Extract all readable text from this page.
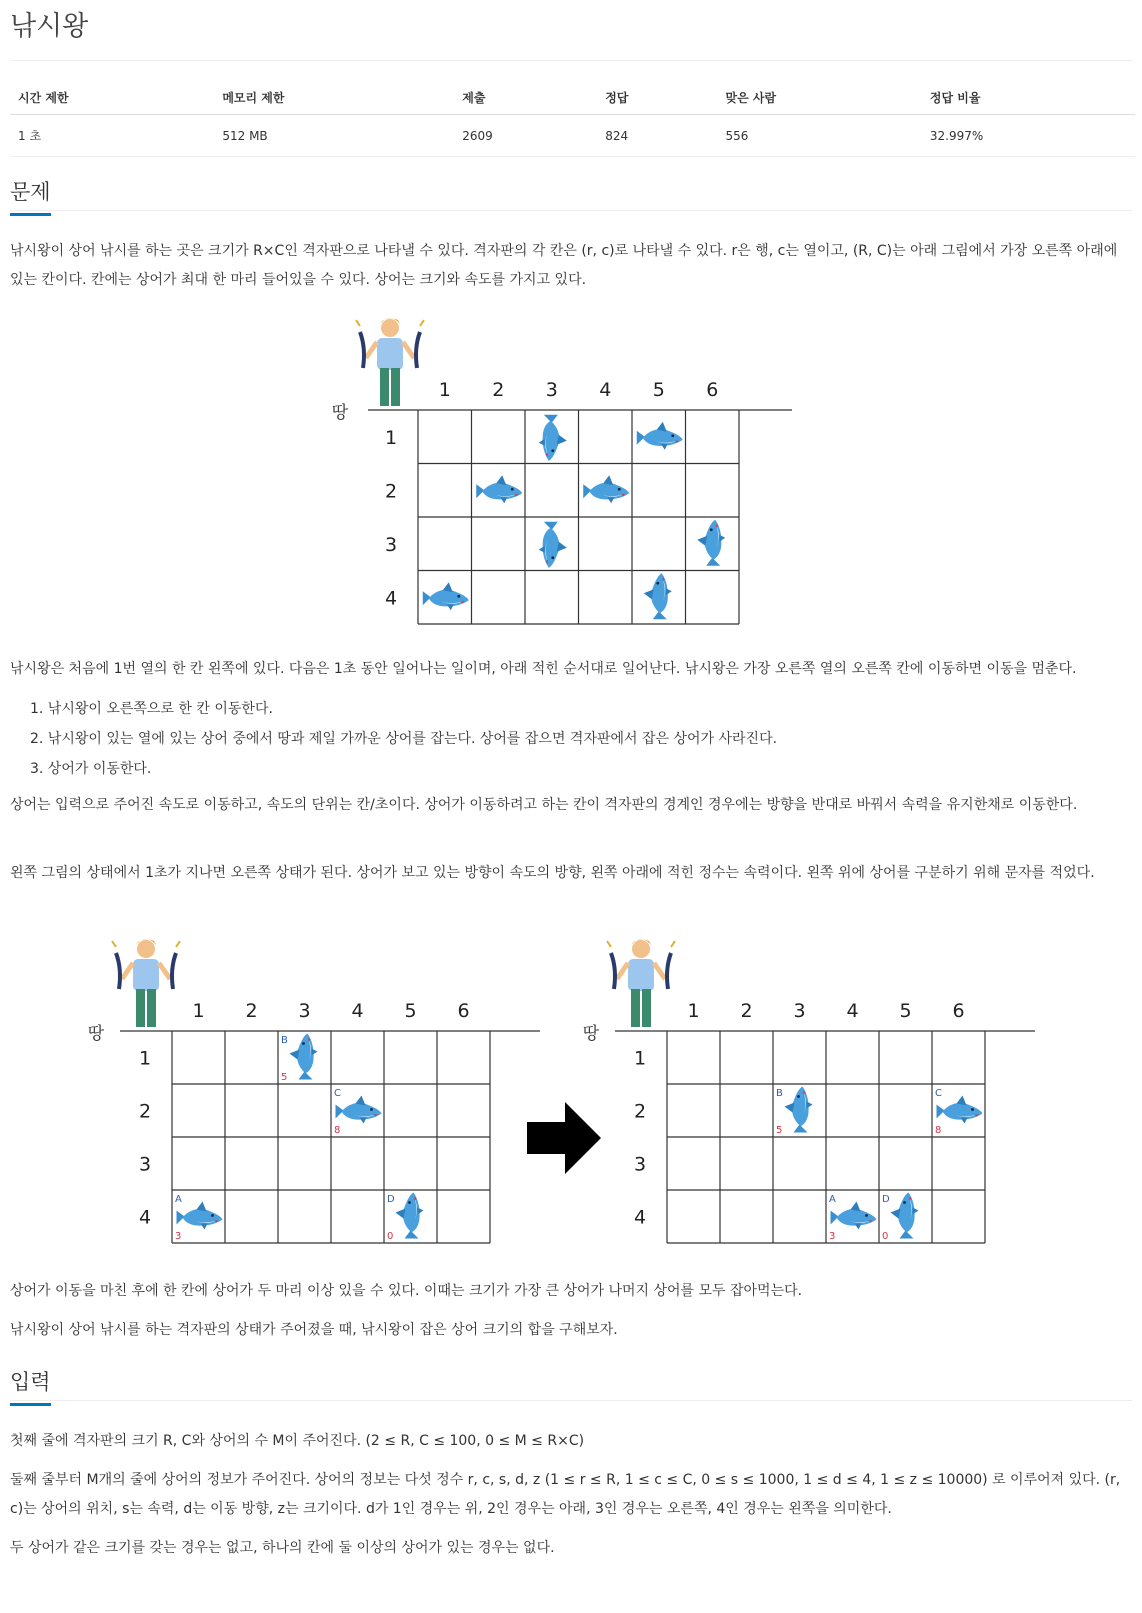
낚시왕
시간 제한	메모리 제한	제출	정답	맞은 사람	정답 비율
1 초	512 MB	2609	824	556	32.997%
문제

낚시왕이 상어 낚시를 하는 곳은 크기가 R×C인 격자판으로 나타낼 수 있다. 격자판의 각 칸은 (r, c)로 나타낼 수 있다. r은 행, c는 열이고, (R, C)는 아래 그림에서 가장 오른쪽 아래에 있는 칸이다. 칸에는 상어가 최대 한 마리 들어있을 수 있다. 상어는 크기와 속도를 가지고 있다.

땅
1 2 3 4 5 6
1
2
3
4

낚시왕은 처음에 1번 열의 한 칸 왼쪽에 있다. 다음은 1초 동안 일어나는 일이며, 아래 적힌 순서대로 일어난다. 낚시왕은 가장 오른쪽 열의 오른쪽 칸에 이동하면 이동을 멈춘다.

1. 낚시왕이 오른쪽으로 한 칸 이동한다.
2. 낚시왕이 있는 열에 있는 상어 중에서 땅과 제일 가까운 상어를 잡는다. 상어를 잡으면 격자판에서 잡은 상어가 사라진다.
3. 상어가 이동한다.

상어는 입력으로 주어진 속도로 이동하고, 속도의 단위는 칸/초이다. 상어가 이동하려고 하는 칸이 격자판의 경계인 경우에는 방향을 반대로 바꿔서 속력을 유지한채로 이동한다.

왼쪽 그림의 상태에서 1초가 지나면 오른쪽 상태가 된다. 상어가 보고 있는 방향이 속도의 방향, 왼쪽 아래에 적힌 정수는 속력이다. 왼쪽 위에 상어를 구분하기 위해 문자를 적었다.

땅
1 2 3 4 5 6
1
2
3
4
B
5
C
8
A
3
D
0
땅
1 2 3 4 5 6
1
2
3
4
B
5
C
8
A
3
D
0

상어가 이동을 마친 후에 한 칸에 상어가 두 마리 이상 있을 수 있다. 이때는 크기가 가장 큰 상어가 나머지 상어를 모두 잡아먹는다.

낚시왕이 상어 낚시를 하는 격자판의 상태가 주어졌을 때, 낚시왕이 잡은 상어 크기의 합을 구해보자.

입력

첫째 줄에 격자판의 크기 R, C와 상어의 수 M이 주어진다. (2 ≤ R, C ≤ 100, 0 ≤ M ≤ R×C)

둘째 줄부터 M개의 줄에 상어의 정보가 주어진다. 상어의 정보는 다섯 정수 r, c, s, d, z (1 ≤ r ≤ R, 1 ≤ c ≤ C, 0 ≤ s ≤ 1000, 1 ≤ d ≤ 4, 1 ≤ z ≤ 10000) 로 이루어져 있다. (r, c)는 상어의 위치, s는 속력, d는 이동 방향, z는 크기이다. d가 1인 경우는 위, 2인 경우는 아래, 3인 경우는 오른쪽, 4인 경우는 왼쪽을 의미한다.

두 상어가 같은 크기를 갖는 경우는 없고, 하나의 칸에 둘 이상의 상어가 있는 경우는 없다.
